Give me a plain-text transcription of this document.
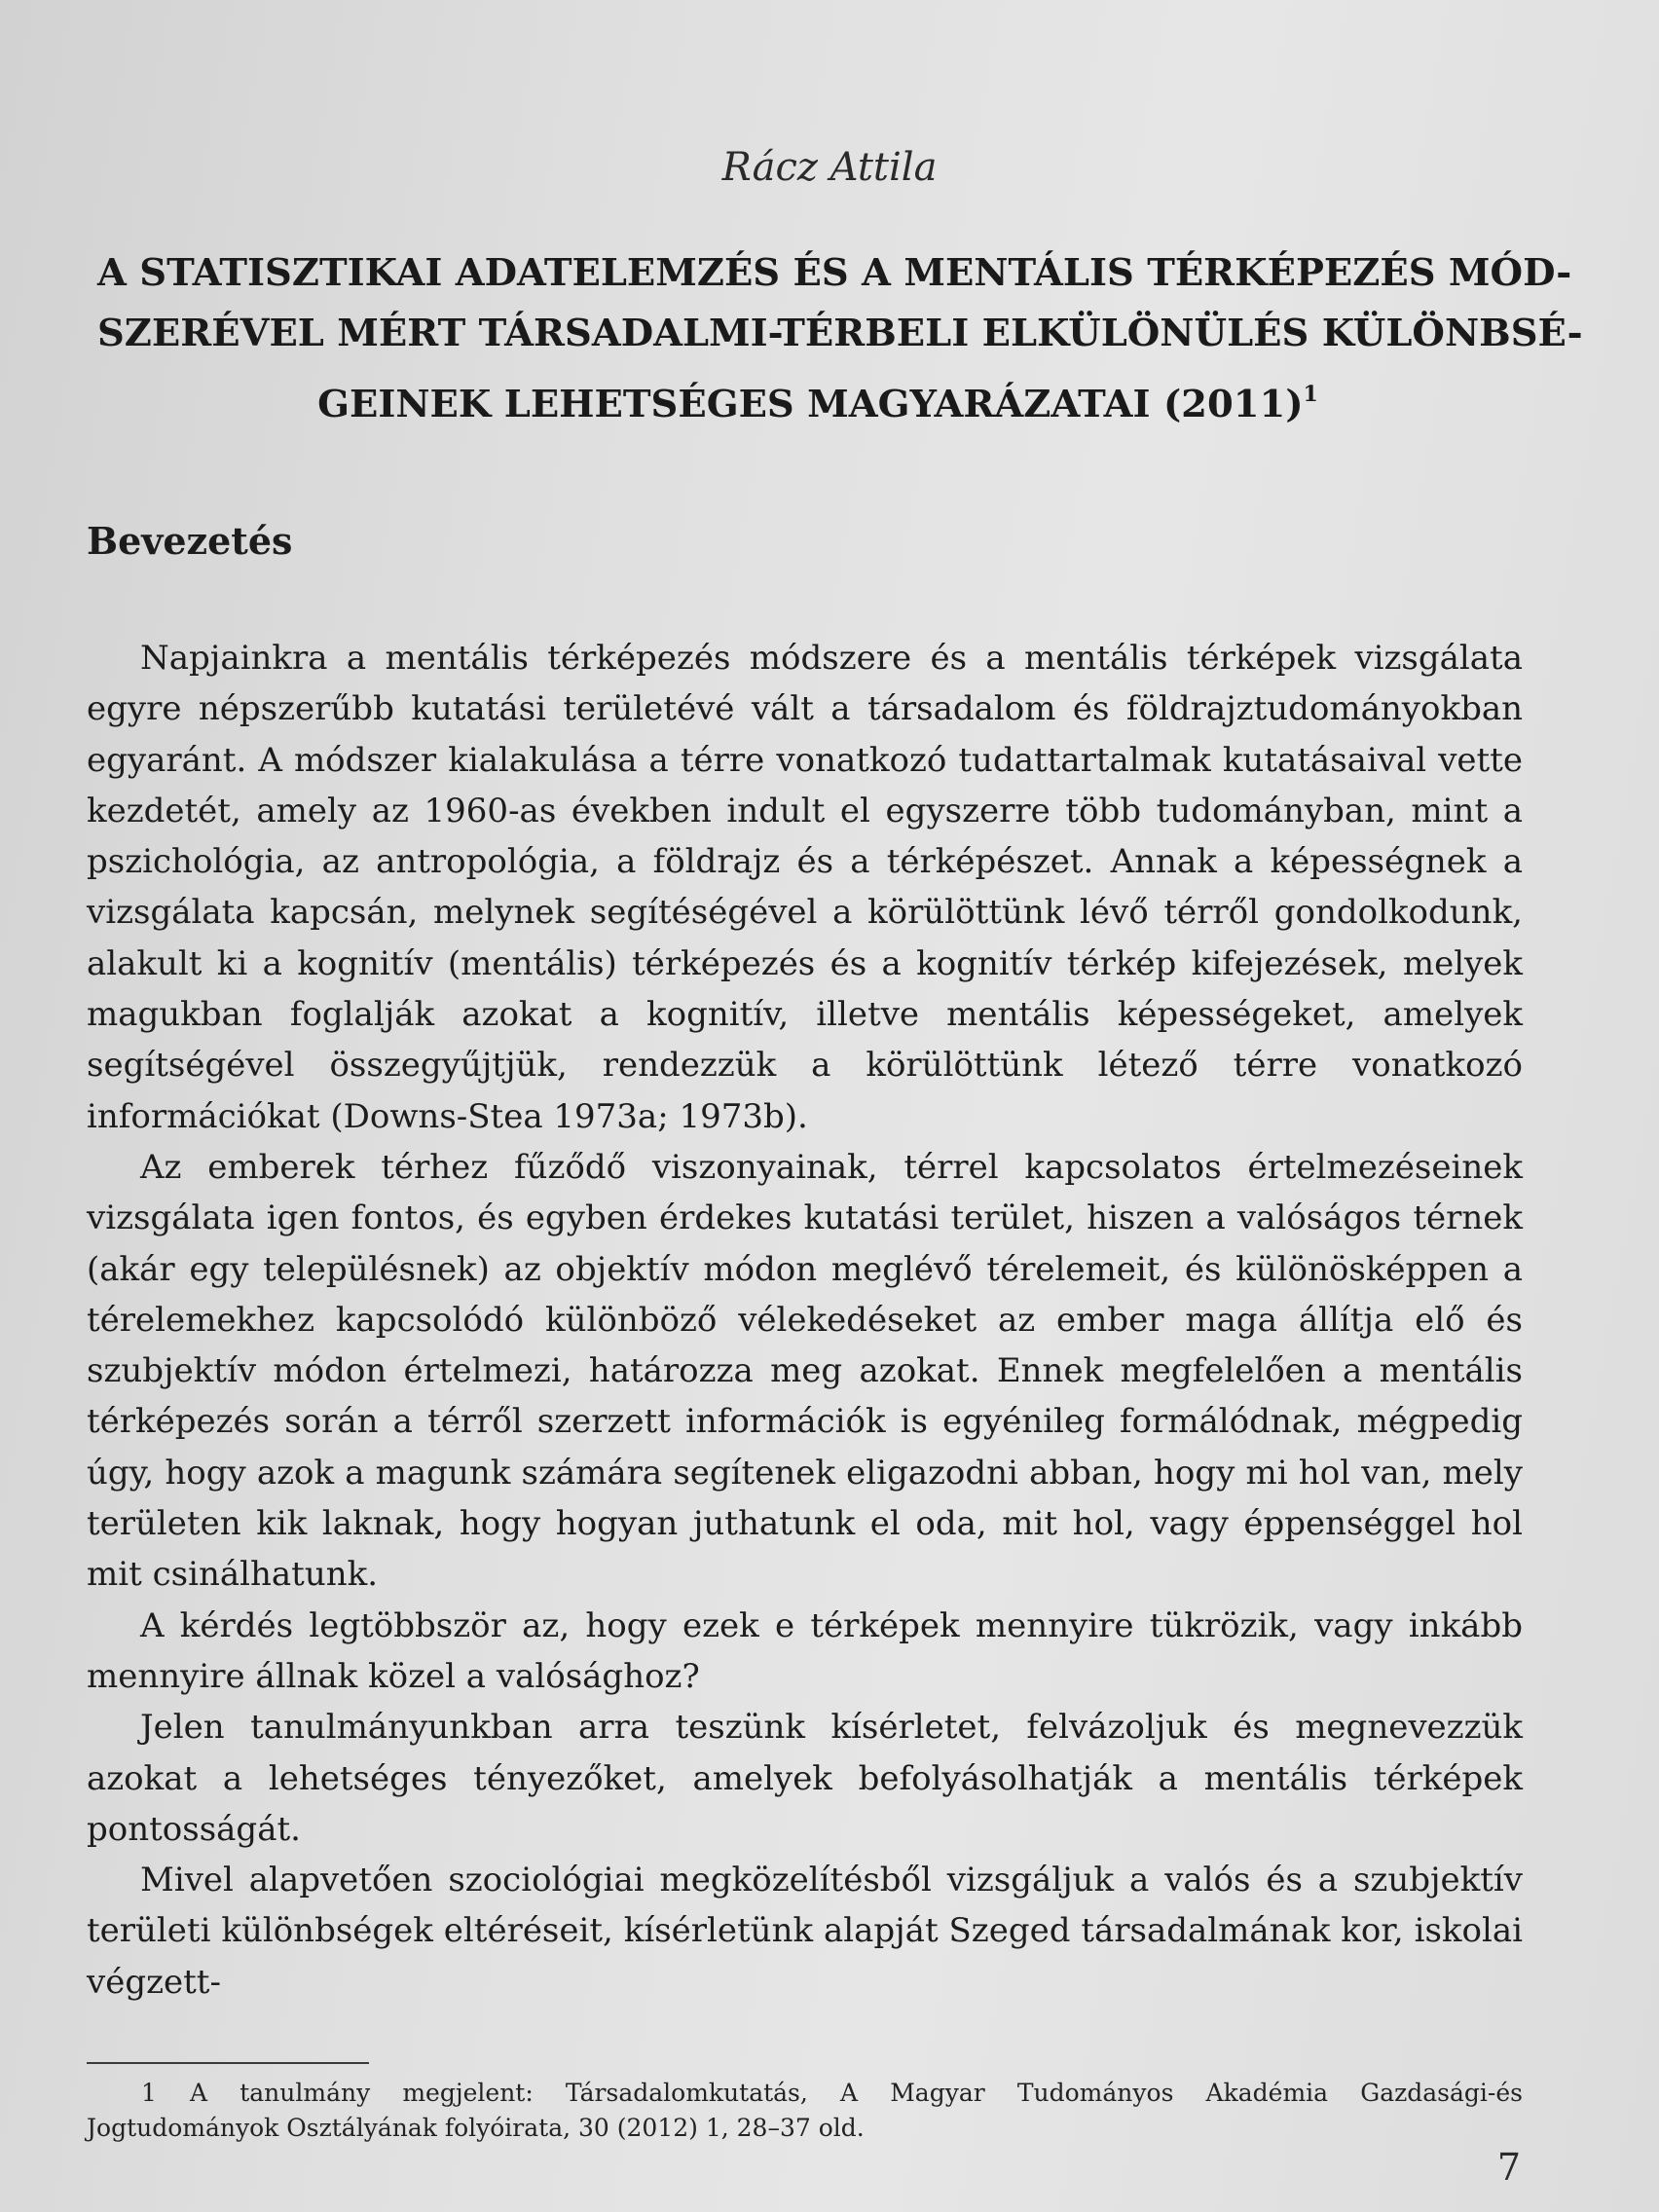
Rácz Attila
A STATISZTIKAI ADATELEMZÉS ÉS A MENTÁLIS TÉRKÉPEZÉS MÓD-
SZERÉVEL MÉRT TÁRSADALMI-TÉRBELI ELKÜLÖNÜLÉS KÜLÖNBSÉ-
GEINEK LEHETSÉGES MAGYARÁZATAI $(2011)^1$
Bevezetés

Napjainkra a mentális térképezés módszere és a mentális térképek vizsgálata egyre népszerűbb kutatási területévé vált a társadalom és földrajztudományokban egyaránt. A módszer kialakulása a térre vonatkozó tudattartalmak kutatásaival vette kezdetét, amely az 1960-as években indult el egyszerre több tudományban, mint a pszichológia, az antropológia, a földrajz és a térképészet. Annak a képességnek a vizsgálata kapcsán, melynek segítéségével a körülöttünk lévő térről gondolkodunk, alakult ki a kognitív (mentális) térképezés és a kognitív térkép kifejezések, melyek magukban foglalják azokat a kognitív, illetve mentális képességeket, amelyek segítségével összegyűjtjük, rendezzük a körülöttünk létező térre vonatkozó információkat (Downs-Stea 1973a; 1973b).

Az emberek térhez fűződő viszonyainak, térrel kapcsolatos értelmezéseinek vizsgálata igen fontos, és egyben érdekes kutatási terület, hiszen a valóságos térnek (akár egy településnek) az objektív módon meglévő térelemeit, és különösképpen a térelemekhez kapcsolódó különböző vélekedéseket az ember maga állítja elő és szubjektív módon értelmezi, határozza meg azokat. Ennek megfelelően a mentális térképezés során a térről szerzett információk is egyénileg formálódnak, mégpedig úgy, hogy azok a magunk számára segítenek eligazodni abban, hogy mi hol van, mely területen kik laknak, hogy hogyan juthatunk el oda, mit hol, vagy éppenséggel hol mit csinálhatunk.

A kérdés legtöbbször az, hogy ezek e térképek mennyire tükrözik, vagy inkább mennyire állnak közel a valósághoz?

Jelen tanulmányunkban arra teszünk kísérletet, felvázoljuk és megnevezzük azokat a lehetséges tényezőket, amelyek befolyásolhatják a mentális térképek pontosságát.

Mivel alapvetően szociológiai megközelítésből vizsgáljuk a valós és a szubjektív területi különbségek eltéréseit, kísérletünk alapját Szeged társadalmának kor, iskolai végzett-

1 A tanulmány megjelent: Társadalomkutatás, A Magyar Tudományos Akadémia Gazdasági-és Jogtudományok Osztályának folyóirata, 30 (2012) 1, 28–37 old.
7
